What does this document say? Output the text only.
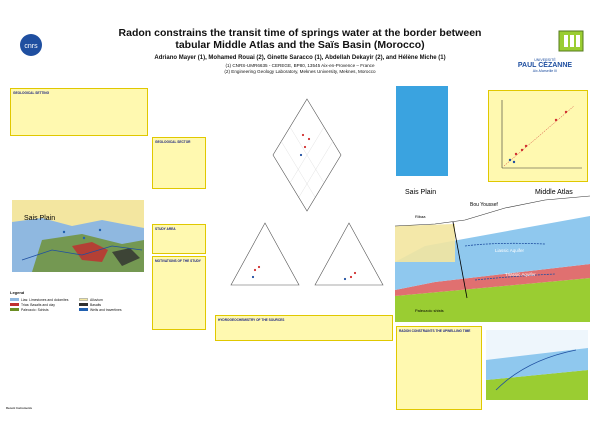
cnrs
UNIVERSITÉ
PAUL CÉZANNE
Aix-Marseille III
Radon constrains the transit time of springs water at the border between
tabular Middle Atlas and the Saïs Basin (Morocco)
Adriano Mayer (1), Mohamed Rouai (2), Ginette Saracco (1), Abdellah Dekayir (2), and Hélène Miche (1)
(1) CNRS-UMR6635 - CEREGE, BP80, 13545 Aix-en-Provence – France
(2) Engineering Geology Laboratory, Meknes University, Meknes, Morocco
GEOLOGICAL SETTING
GEOLOGICAL SECTOR
STUDY AREA
MOTIVATIONS OF THE STUDY
Sais Plain
Legend
Lias: Limestones and dolomites	Alluvium
Trias: Basalts and clay	Basalts
Paleozoic: Schists	Wells and travertines
HYDROGEOCHEMISTRY OF THE SOURCES
Sais Plain	Middle Atlas
Bou Youssef
Ribaa
Liassic Aquifer
Triassic Aquifer
Paleozoic shists
RADON CONSTRAINTS THE UPWELLING TIME
Recent Instruments
